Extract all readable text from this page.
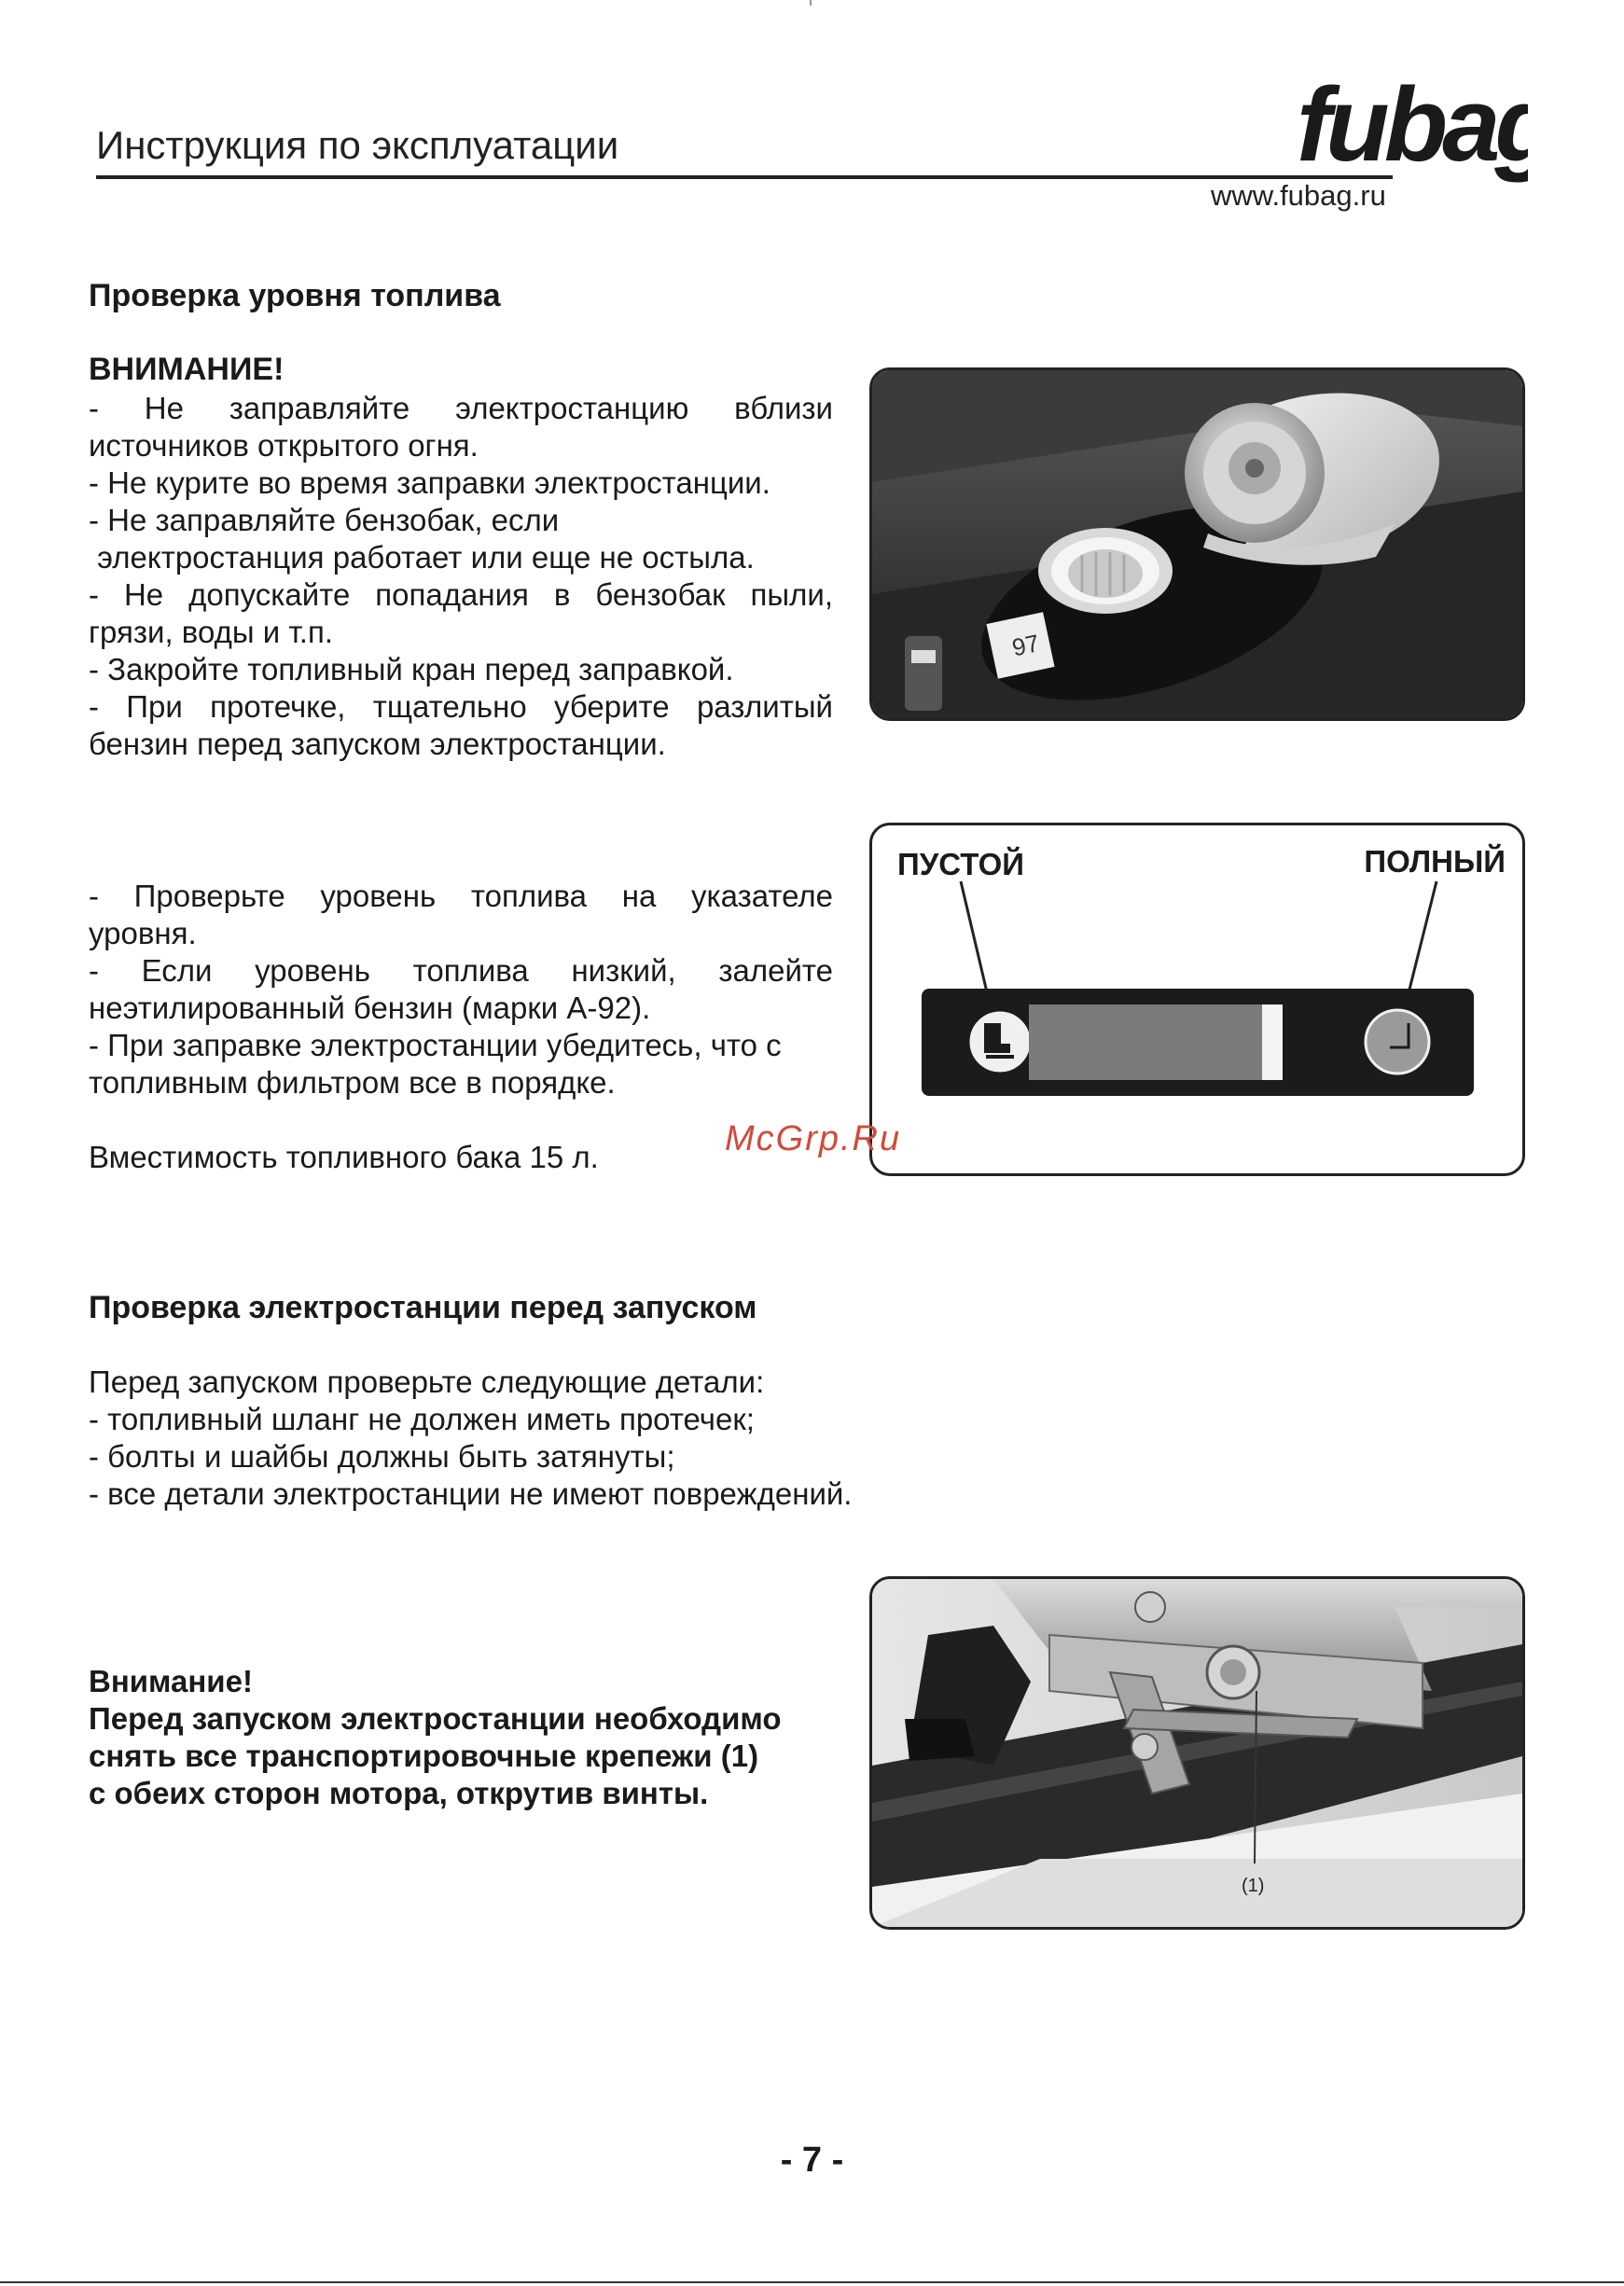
Инструкция по эксплуатации	fubag
www.fubag.ru
Проверка уровня топлива
ВНИМАНИЕ!
- Не заправляйте электростанцию вблизи
источников открытого огня.
- Не курите во время заправки электростанции.
- Не заправляйте бензобак, если
электростанция работает или еще не остыла.
- Не допускайте попадания в бензобак пыли,
грязи, воды и т.п.
- Закройте топливный кран перед заправкой.
- При протечке, тщательно уберите разлитый
бензин перед запуском электростанции.
97
- Проверьте уровень топлива на указателе
уровня.
- Если уровень топлива низкий, залейте
неэтилированный бензин (марки А-92).
- При заправке электростанции убедитесь, что с
топливным фильтром все в порядке.
Вместимость топливного бака 15 л.
ПУСТОЙ	ПОЛНЫЙ
McGrp.Ru
Проверка электростанции перед запуском
Перед запуском проверьте следующие детали:
- топливный шланг не должен иметь протечек;
- болты и шайбы должны быть затянуты;
- все детали электростанции не имеют повреждений.
Внимание!
Перед запуском электростанции необходимо
снять все транспортировочные крепежи (1)
с обеих сторон мотора, открутив винты.
(1)
- 7 -
